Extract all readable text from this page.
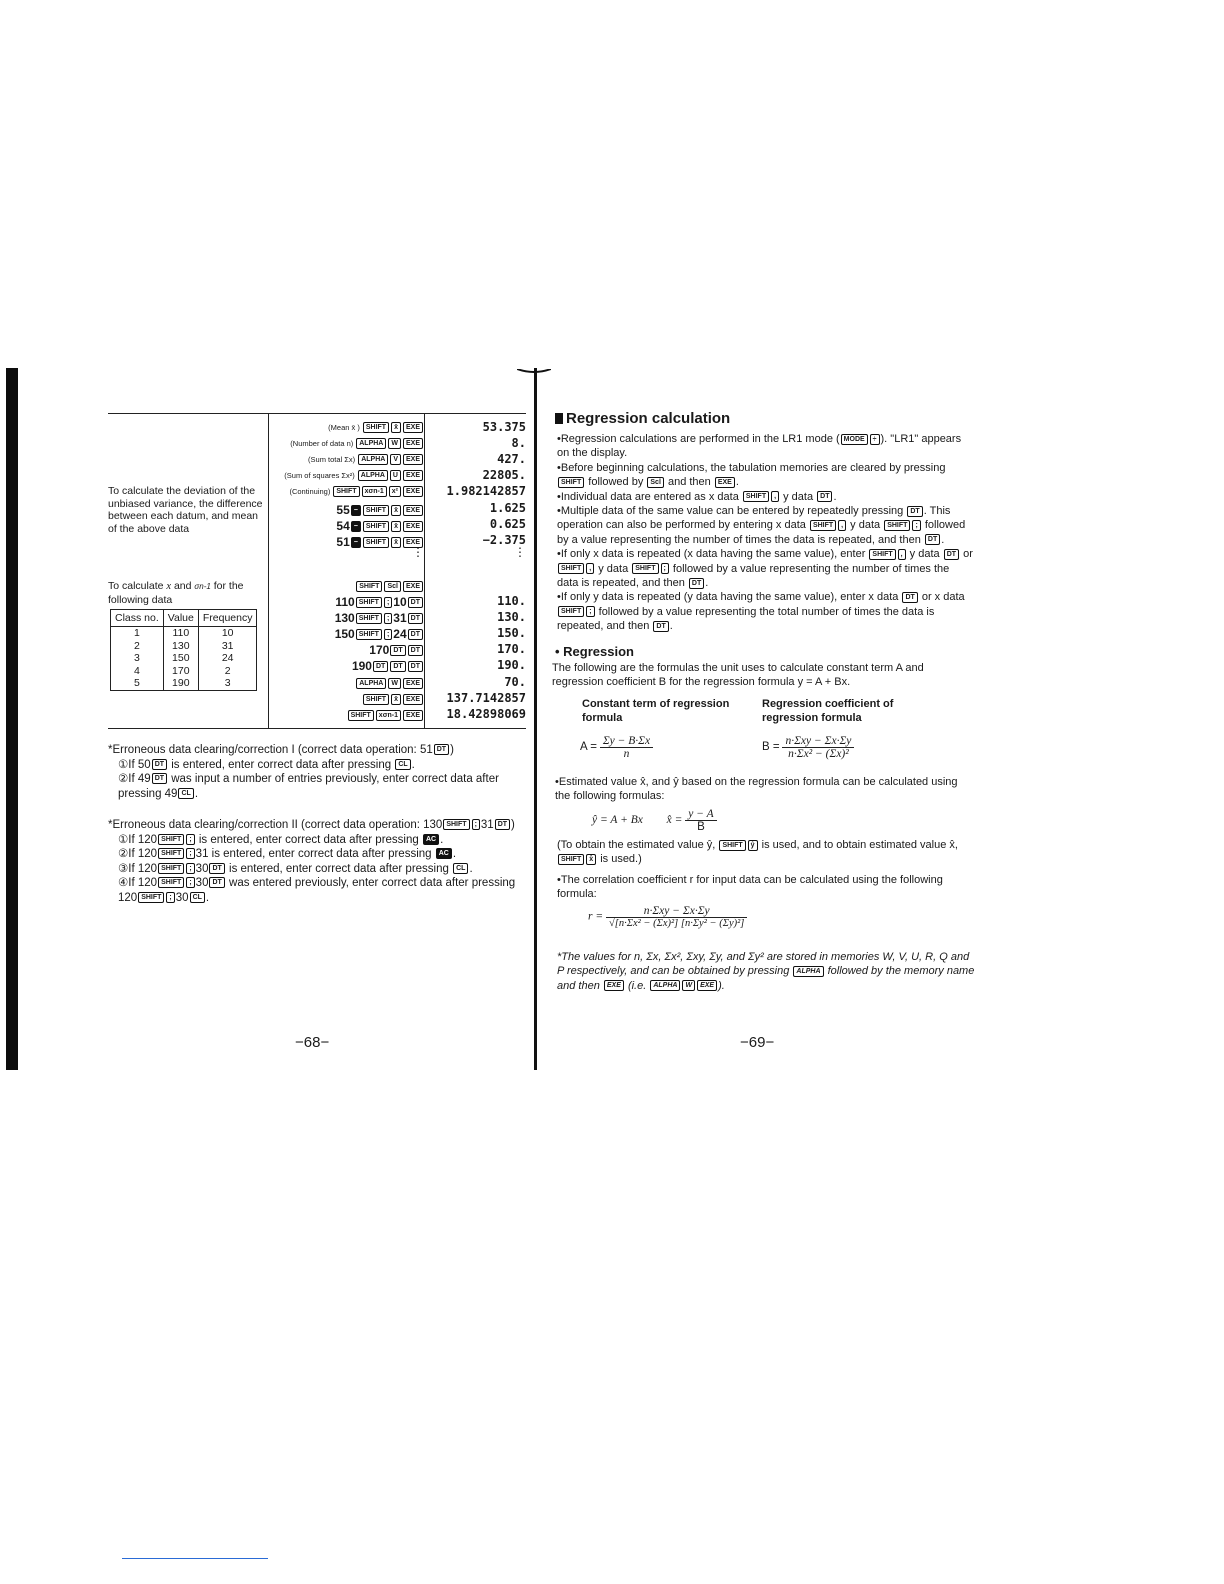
To calculate the deviation of the unbiased variance, the difference between each datum, and mean of the above data
To calculate x and σn-1 for the following data
Class no.	Value	Frequency
1	110	10
2	130	31
3	150	24
4	170	2
5	190	3
(Mean x̄ ) SHIFT x̄ EXE	53.375
(Number of data n) ALPHA W EXE	8.
(Sum total Σx) ALPHA V EXE	427.
(Sum of squares Σx²) ALPHA U EXE	22805.
(Continuing) SHIFT xσn-1 x² EXE	1.982142857
55 − SHIFT x̄ EXE	1.625
54 − SHIFT x̄ EXE	0.625
51 − SHIFT x̄ EXE	−2.375
⋮	⋮
SHIFT Scl EXE
110 SHIFT ; 10 DT	110.
130 SHIFT ; 31 DT	130.
150 SHIFT ; 24 DT	150.
170 DT DT	170.
190 DT DT DT	190.
ALPHA W EXE	70.
SHIFT x̄ EXE	137.7142857
SHIFT xσn-1 EXE	18.42898069
*Erroneous data clearing/correction I (correct data operation: 51 DT )
①If 50 DT is entered, enter correct data after pressing CL .
②If 49 DT was input a number of entries previously, enter correct data after pressing 49 CL .
*Erroneous data clearing/correction II (correct data operation: 130 SHIFT ; 31 DT )
①If 120 SHIFT ; is entered, enter correct data after pressing AC .
②If 120 SHIFT ; 31 is entered, enter correct data after pressing AC .
③If 120 SHIFT ; 30 DT is entered, enter correct data after pressing CL .
④If 120 SHIFT ; 30 DT was entered previously, enter correct data after pressing 120 SHIFT ; 30 CL .
−68−
Regression calculation
•Regression calculations are performed in the LR1 mode ( MODE ÷ ). "LR1" appears on the display.
•Before beginning calculations, the tabulation memories are cleared by pressing SHIFT followed by Scl and then EXE .
•Individual data are entered as x data SHIFT , y data DT .
•Multiple data of the same value can be entered by repeatedly pressing DT . This operation can also be performed by entering x data SHIFT , y data SHIFT ; followed by a value representing the number of times the data is repeated, and then DT .
•If only x data is repeated (x data having the same value), enter SHIFT , y data DT or SHIFT , y data SHIFT ; followed by a value representing the number of times the data is repeated, and then DT .
•If only y data is repeated (y data having the same value), enter x data DT or x data SHIFT ; followed by a value representing the total number of times the data is repeated, and then DT .
• Regression
The following are the formulas the unit uses to calculate constant term A and regression coefficient B for the regression formula y = A + Bx.
Constant term of regression formula
Regression coefficient of regression formula
$A = \frac{\Sigma y - B\cdot\Sigma x}{n}$	$B = \frac{\text{n·Σxy − Σx·Σy}}{\text{n·Σx² − (Σx)²}}$
•Estimated value x̂, and ŷ based on the regression formula can be calculated using the following formulas:
ŷ = A + Bx x̂ = $\frac{y - A}{B}$
(To obtain the estimated value ŷ, SHIFT ŷ is used, and to obtain estimated value x̂, SHIFT x̂ is used.)
•The correlation coefficient r for input data can be calculated using the following formula:
$r = \frac{\text{n·Σxy − Σx·Σy}}{\text{√[n·Σx² − (Σx)²] [n·Σy² − (Σy)²]}}$
*The values for n, Σx, Σx², Σxy, Σy, and Σy² are stored in memories W, V, U, R, Q and P respectively, and can be obtained by pressing ALPHA followed by the memory name and then EXE (i.e. ALPHA W EXE ).
−69−
